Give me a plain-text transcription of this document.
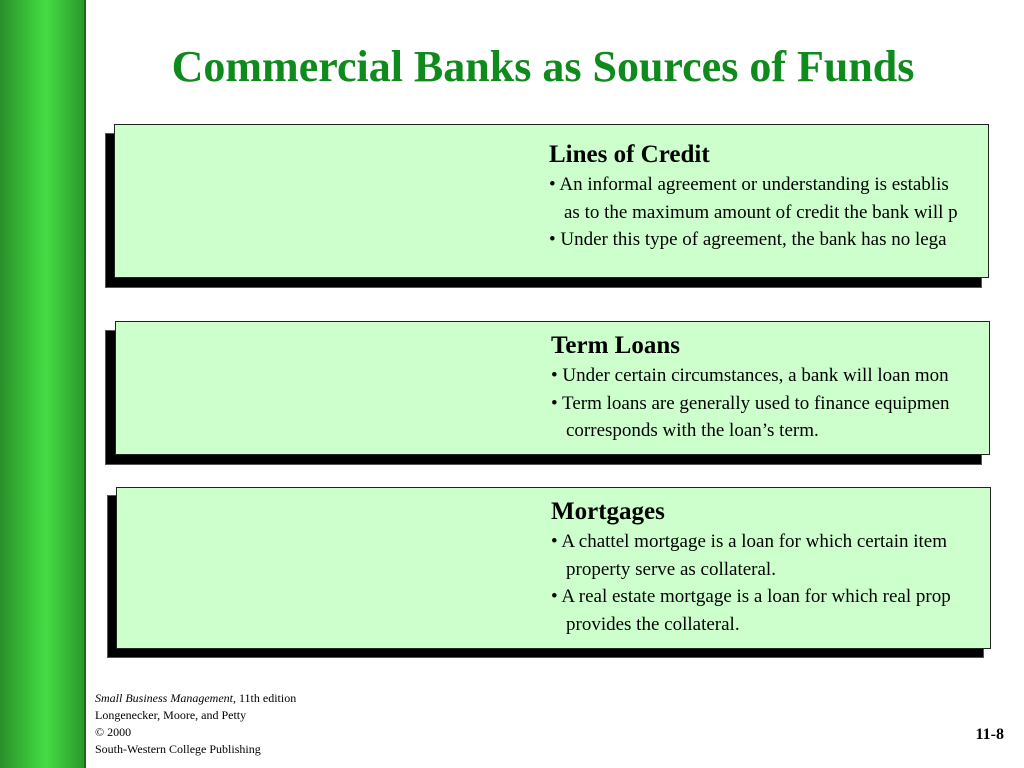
Commercial Banks as Sources of Funds

Lines of Credit

• An informal agreement or understanding is establis

as to the maximum amount of credit the bank will p

• Under this type of agreement, the bank has no lega

Term Loans

• Under certain circumstances, a bank will loan mon

• Term loans are generally used to finance equipmen

corresponds with the loan’s term.

Mortgages

• A chattel mortgage is a loan for which certain item

property serve as collateral.

• A real estate mortgage is a loan for which real prop

provides the collateral.

Small Business Management, 11th edition

Longenecker, Moore, and Petty

© 2000

South-Western College Publishing

11-8
